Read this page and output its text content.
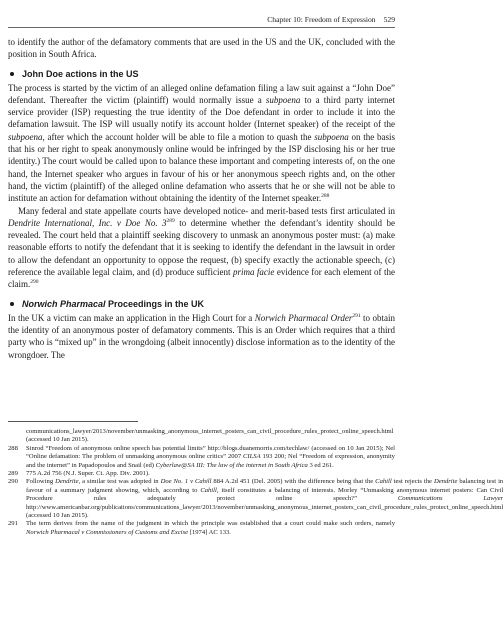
Chapter 10: Freedom of Expression 529

to identify the author of the defamatory comments that are used in the US and the UK, concluded with the position in South Africa.

John Doe actions in the US

The process is started by the victim of an alleged online defamation filing a law suit against a “John Doe” defendant. Thereafter the victim (plaintiff) would normally issue a subpoena to a third party internet service provider (ISP) requesting the true identity of the Doe defendant in order to include it into the defamation lawsuit. The ISP will usually notify its account holder (Internet speaker) of the receipt of the subpoena, after which the account holder will be able to file a motion to quash the subpoena on the basis that his or her right to speak anonymously online would be infringed by the ISP disclosing his or her true identity.) The court would be called upon to balance these important and competing interests of, on the one hand, the Internet speaker who argues in favour of his or her anonymous speech rights and, on the other hand, the victim (plaintiff) of the alleged online defamation who asserts that he or she will not be able to institute an action for defamation without obtaining the identity of the Internet speaker.$^{288}$

Many federal and state appellate courts have developed notice- and merit-based tests first articulated in Dendrite International, Inc. v Doe No. $3^{289}$ to determine whether the defendant’s identity should be revealed. The court held that a plaintiff seeking discovery to unmask an anonymous poster must: (a) make reasonable efforts to notify the defendant that it is seeking to identify the defendant in the lawsuit in order to allow the defendant an opportunity to oppose the request, (b) specify exactly the actionable speech, (c) reference the available legal claim, and (d) produce sufficient prima facie evidence for each element of the claim.$^{290}$

Norwich Pharmacal Proceedings in the UK

In the UK a victim can make an application in the High Court for a Norwich Pharmacal Order$^{291}$ to obtain the identity of an anonymous poster of defamatory comments. This is an Order which requires that a third party who is “mixed up” in the wrongdoing (albeit innocently) disclose information as to the identity of the wrongdoer. The

communications_lawyer/2013/november/unmasking_anonymous_internet_posters_can_civil_procedure_rules_protect_online_speech.html (accessed 10 Jan 2015).
288	Sinrod “Freedom of anonymous online speech has potential limits” http://blogs.duanemorris.com/techlaw/ (accessed on 10 Jan 2015); Nel “Online defamation: The problem of unmasking anonymous online critics” 2007 CILSA 193 200; Nel “Freedom of expression, anonymity and the internet” in Papadopoulos and Snail (ed) Cyberlaw@SA III: The law of the internet in South Africa 3 ed 261.
289	775 A.2d 756 (N.J. Super. Ct. App. Div. 2001).
290	Following Dendrite, a similar test was adopted in Doe No. 1 v Cahill 884 A.2d 451 (Del. 2005) with the difference being that the Cahill test rejects the Dendrite balancing test in favour of a summary judgment showing, which, according to Cahill, itself constitutes a balancing of interests. Morley “Unmasking anonymous internet posters: Can Civil Procedure rules adequately protect online speech?” Communications Lawyer http://www.americanbar.org/publications/communications_lawyer/2013/november/unmasking_anonymous_internet_posters_can_civil_procedure_rules_protect_online_speech.html (accessed 10 Jan 2015).
291	The term derives from the name of the judgment in which the principle was established that a court could make such orders, namely Norwich Pharmacal v Commissioners of Customs and Excise [1974] AC 133.
